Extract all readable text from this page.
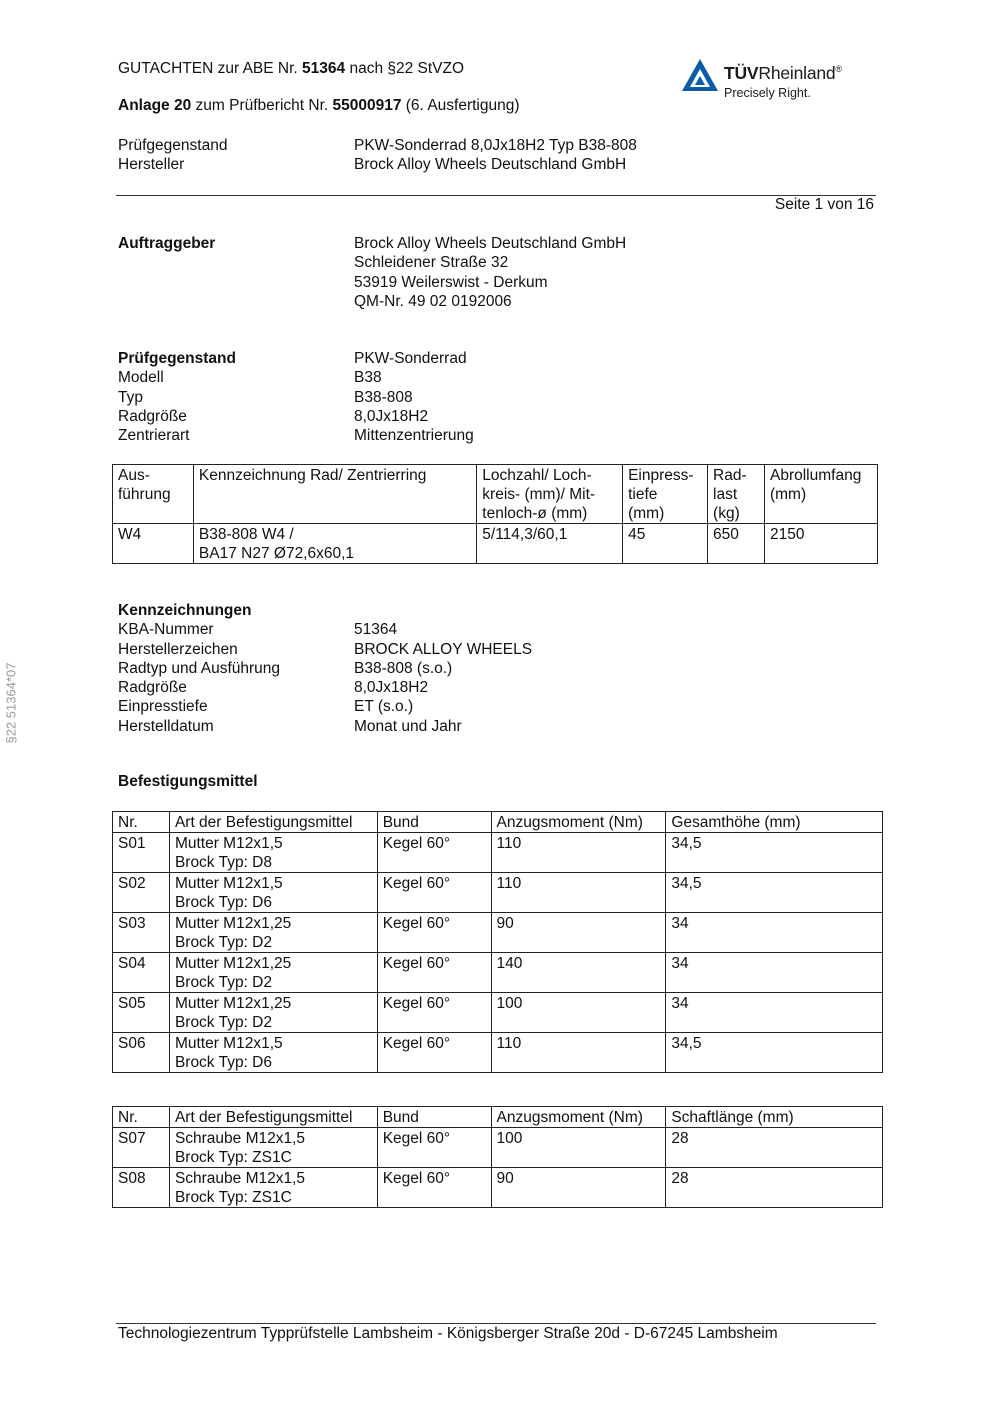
GUTACHTEN zur ABE Nr. 51364 nach §22 StVZO
Anlage 20 zum Prüfbericht Nr. 55000917 (6. Ausfertigung)
TÜVRheinland®
Precisely Right.
Prüfgegenstand	PKW-Sonderrad 8,0Jx18H2 Typ B38-808
Hersteller	Brock Alloy Wheels Deutschland GmbH
Seite 1 von 16
§22 51364*07
Auftraggeber	Brock Alloy Wheels Deutschland GmbH
Schleidener Straße 32
53919 Weilerswist - Derkum
QM-Nr. 49 02 0192006
Prüfgegenstand	PKW-Sonderrad
Modell	B38
Typ	B38-808
Radgröße	8,0Jx18H2
Zentrierart	Mittenzentrierung
Aus-
führung	Kennzeichnung Rad/ Zentrierring	Lochzahl/ Loch-
kreis- (mm)/ Mit-
tenloch-ø (mm)	Einpress-
tiefe
(mm)	Rad-
last
(kg)	Abrollumfang
(mm)
W4	B38-808 W4 /
BA17 N27 Ø72,6x60,1	5/114,3/60,1	45	650	2150
Kennzeichnungen
KBA-Nummer	51364
Herstellerzeichen	BROCK ALLOY WHEELS
Radtyp und Ausführung	B38-808 (s.o.)
Radgröße	8,0Jx18H2
Einpresstiefe	ET (s.o.)
Herstelldatum	Monat und Jahr
Befestigungsmittel
Nr.	Art der Befestigungsmittel	Bund	Anzugsmoment (Nm)	Gesamthöhe (mm)
S01	Mutter M12x1,5
Brock Typ: D8	Kegel 60°	110	34,5
S02	Mutter M12x1,5
Brock Typ: D6	Kegel 60°	110	34,5
S03	Mutter M12x1,25
Brock Typ: D2	Kegel 60°	90	34
S04	Mutter M12x1,25
Brock Typ: D2	Kegel 60°	140	34
S05	Mutter M12x1,25
Brock Typ: D2	Kegel 60°	100	34
S06	Mutter M12x1,5
Brock Typ: D6	Kegel 60°	110	34,5
Nr.	Art der Befestigungsmittel	Bund	Anzugsmoment (Nm)	Schaftlänge (mm)
S07	Schraube M12x1,5
Brock Typ: ZS1C	Kegel 60°	100	28
S08	Schraube M12x1,5
Brock Typ: ZS1C	Kegel 60°	90	28
Technologiezentrum Typprüfstelle Lambsheim - Königsberger Straße 20d - D-67245 Lambsheim
